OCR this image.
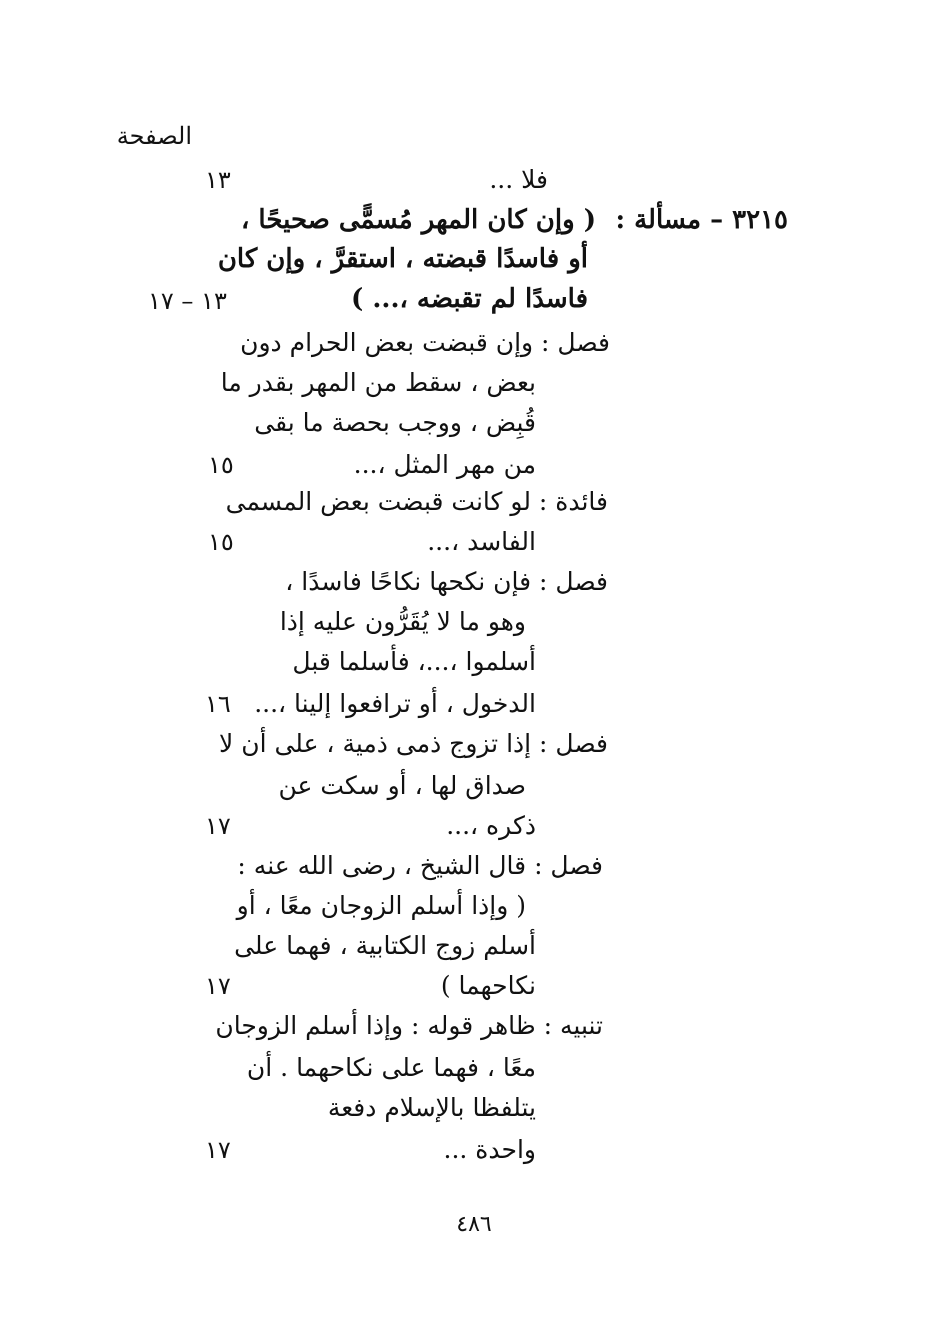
الصفحة
فلا ...
١٣
٣٢١٥ – مسألة :
( وإن كان المهر مُسمًّى صحيحًا ،
أو فاسدًا قبضته ، استقرَّ ، وإن كان
فاسدًا لم تقبضه ،... )
١٣ – ١٧
فصل : وإن قبضت بعض الحرام دون
بعض ، سقط من المهر بقدر ما
قُبِض ، ووجب بحصة ما بقى
من مهر المثل ،...
١٥
فائدة : لو كانت قبضت بعض المسمى
الفاسد ،...
١٥
فصل : فإن نكحها نكاحًا فاسدًا ،
وهو ما لا يُقَرُّون عليه إذا
أسلموا ،...، فأسلما قبل
الدخول ، أو ترافعوا إلينا ،...
١٦
فصل : إذا تزوج ذمى ذمية ، على أن لا
صداق لها ، أو سكت عن
ذكره ،...
١٧
فصل : قال الشيخ ، رضى الله عنه :
( وإذا أسلم الزوجان معًا ، أو
أسلم زوج الكتابية ، فهما على
نكاحهما )
١٧
تنبيه : ظاهر قوله : وإذا أسلم الزوجان
معًا ، فهما على نكاحهما . أن
يتلفظا بالإسلام دفعة
واحدة ...
١٧
٤٨٦
